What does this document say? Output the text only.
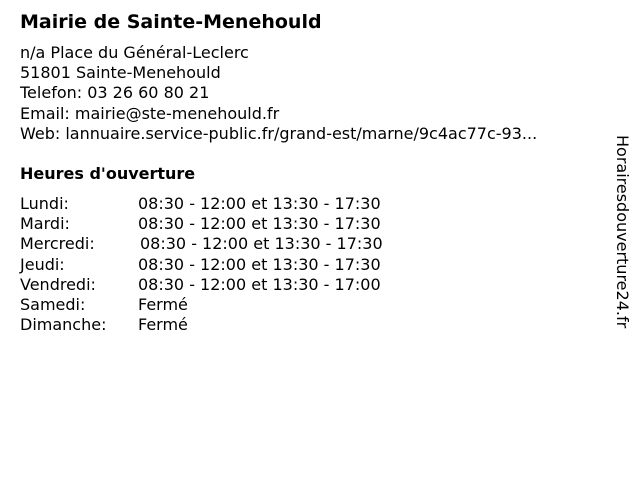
Mairie de Sainte-Menehould
n/a Place du Général-Leclerc
51801 Sainte-Menehould
Telefon: 03 26 60 80 21
Email: mairie@ste-menehould.fr
Web: lannuaire.service-public.fr/grand-est/marne/9c4ac77c-93...
Heures d'ouverture
Lundi:	08:30 - 12:00 et 13:30 - 17:30
Mardi:	08:30 - 12:00 et 13:30 - 17:30
Mercredi:	08:30 - 12:00 et 13:30 - 17:30
Jeudi:	08:30 - 12:00 et 13:30 - 17:30
Vendredi:	08:30 - 12:00 et 13:30 - 17:00
Samedi:	Fermé
Dimanche: Fermé	Horairesdouverture24.fr
